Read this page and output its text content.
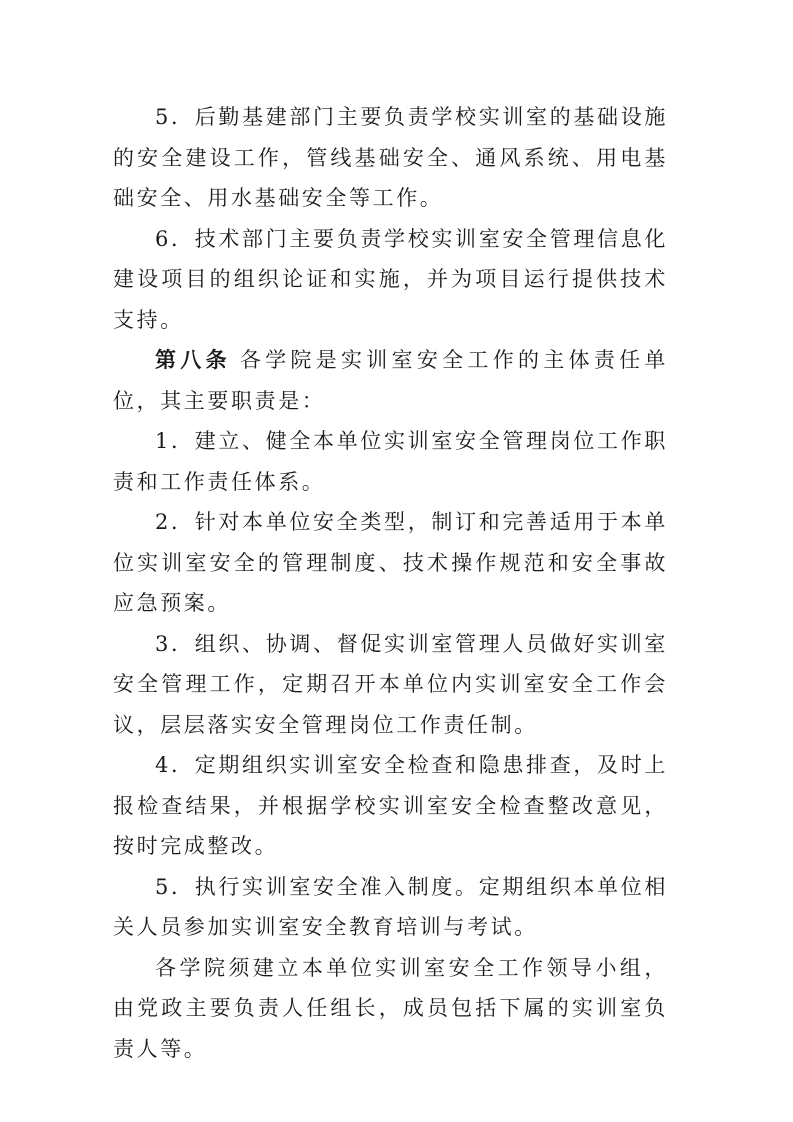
5．后勤基建部门主要负责学校实训室的基础设施的安全建设工作，管线基础安全、通风系统、用电基础安全、用水基础安全等工作。

6．技术部门主要负责学校实训室安全管理信息化建设项目的组织论证和实施，并为项目运行提供技术支持。

第八条 各学院是实训室安全工作的主体责任单位，其主要职责是：

1．建立、健全本单位实训室安全管理岗位工作职责和工作责任体系。

2．针对本单位安全类型，制订和完善适用于本单位实训室安全的管理制度、技术操作规范和安全事故应急预案。

3．组织、协调、督促实训室管理人员做好实训室安全管理工作，定期召开本单位内实训室安全工作会议，层层落实安全管理岗位工作责任制。

4．定期组织实训室安全检查和隐患排查，及时上报检查结果，并根据学校实训室安全检查整改意见，按时完成整改。

5．执行实训室安全准入制度。定期组织本单位相关人员参加实训室安全教育培训与考试。

各学院须建立本单位实训室安全工作领导小组，由党政主要负责人任组长，成员包括下属的实训室负责人等。
